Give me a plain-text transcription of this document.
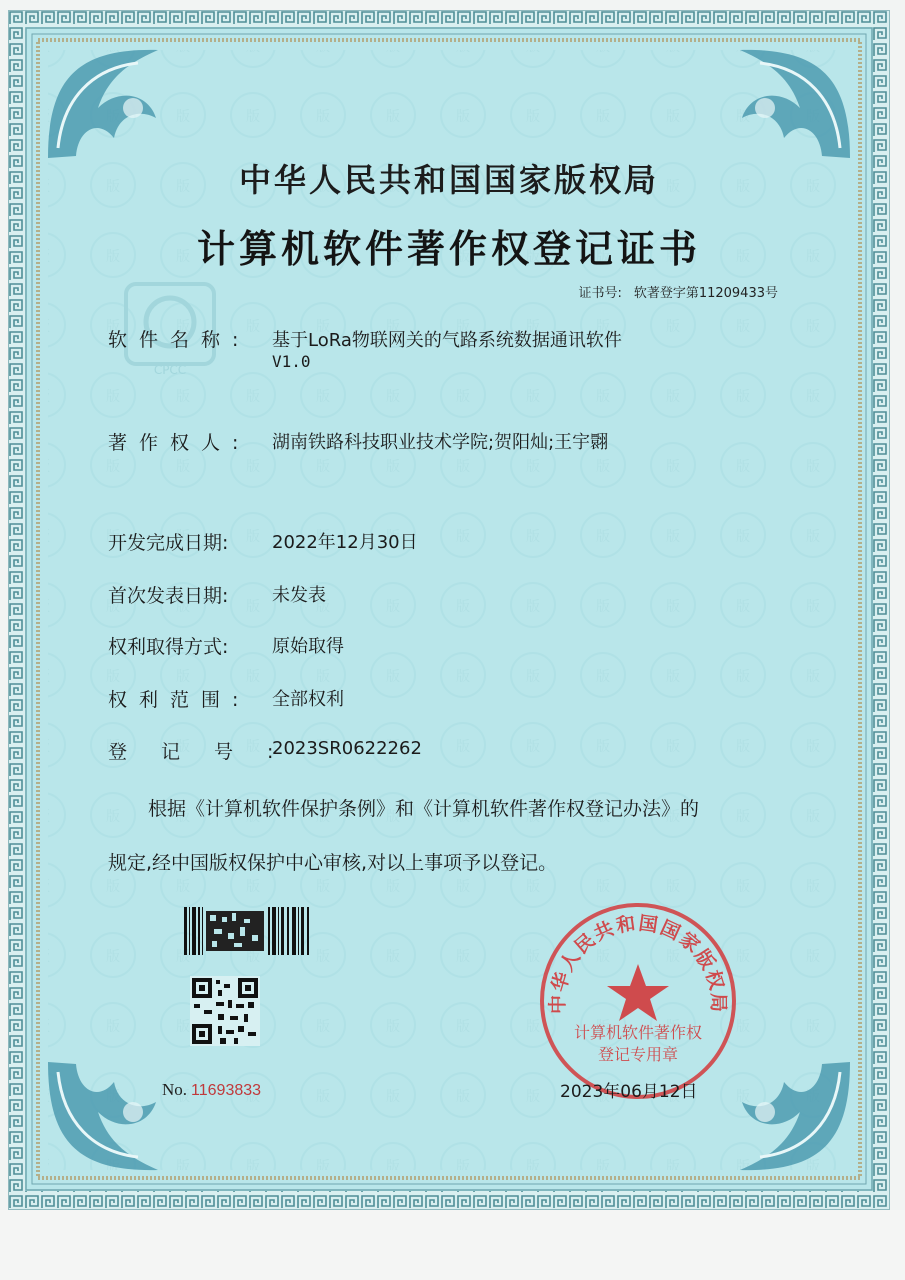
CPCC
中华人民共和国国家版权局
计算机软件著作权登记证书
证书号: 软著登字第11209433号
软件名称:	基于LoRa物联网关的气路系统数据通讯软件
V1.0
著作权人:	湖南铁路科技职业技术学院;贺阳灿;王宇翾
开发完成日期:	2022年12月30日
首次发表日期:	未发表
权利取得方式:	原始取得
权利范围:	全部权利
登记号:
2023SR0622262
根据《计算机软件保护条例》和《计算机软件著作权登记办法》的
规定,经中国版权保护中心审核,对以上事项予以登记。
No. 11693833
中华人民共和国国家版权局
计算机软件著作权
登记专用章
2023年06月12日
